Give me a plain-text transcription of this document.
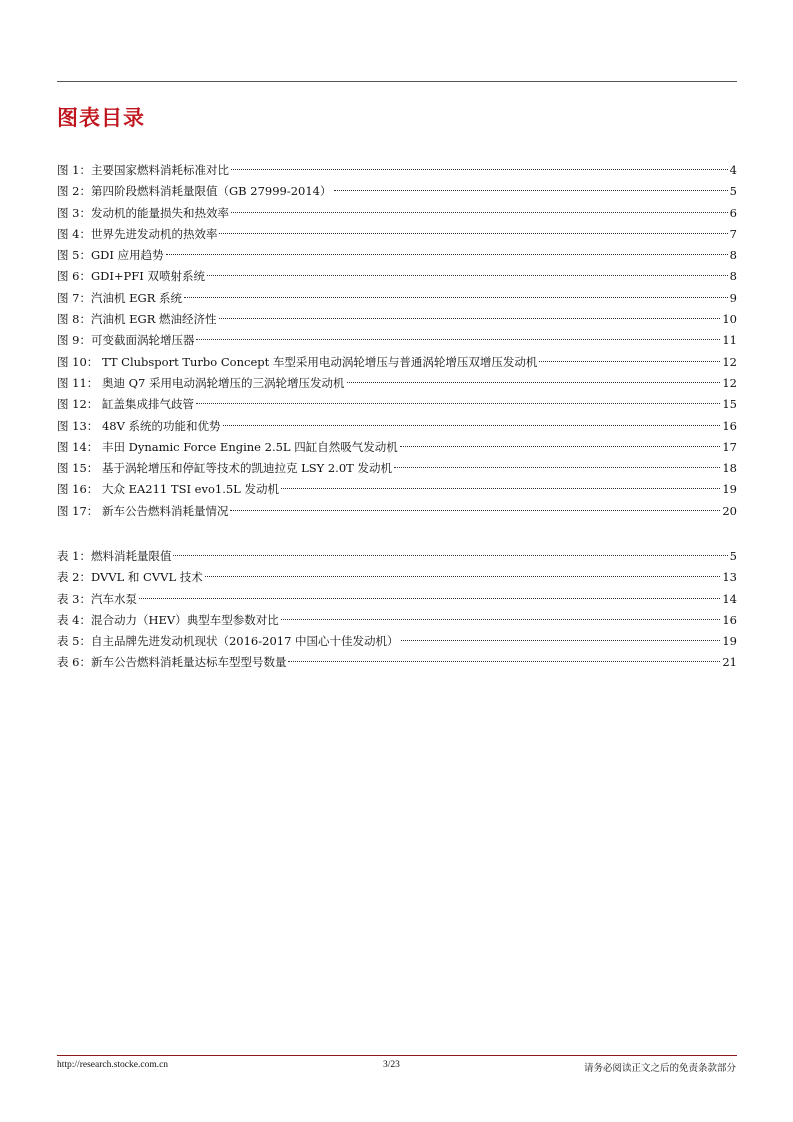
图表目录
图 1：主要国家燃料消耗标准对比	4
图 2：第四阶段燃料消耗量限值（GB 27999-2014）	5
图 3：发动机的能量损失和热效率	6
图 4：世界先进发动机的热效率	7
图 5：GDI 应用趋势	8
图 6：GDI+PFI 双喷射系统	8
图 7：汽油机 EGR 系统	9
图 8：汽油机 EGR 燃油经济性	10
图 9：可变截面涡轮增压器	11
图 10： TT Clubsport Turbo Concept 车型采用电动涡轮增压与普通涡轮增压双增压发动机	12
图 11： 奥迪 Q7 采用电动涡轮增压的三涡轮增压发动机	12
图 12： 缸盖集成排气歧管	15
图 13： 48V 系统的功能和优势	16
图 14： 丰田 Dynamic Force Engine 2.5L 四缸自然吸气发动机	17
图 15： 基于涡轮增压和停缸等技术的凯迪拉克 LSY 2.0T 发动机	18
图 16： 大众 EA211 TSI evo1.5L 发动机	19
图 17： 新车公告燃料消耗量情况	20
表 1：燃料消耗量限值	5
表 2：DVVL 和 CVVL 技术	13
表 3：汽车水泵	14
表 4：混合动力（HEV）典型车型参数对比	16
表 5：自主品牌先进发动机现状（2016-2017 中国心十佳发动机）	19
表 6：新车公告燃料消耗量达标车型型号数量	21
http://research.stocke.com.cn	3/23	请务必阅读正文之后的免责条款部分
